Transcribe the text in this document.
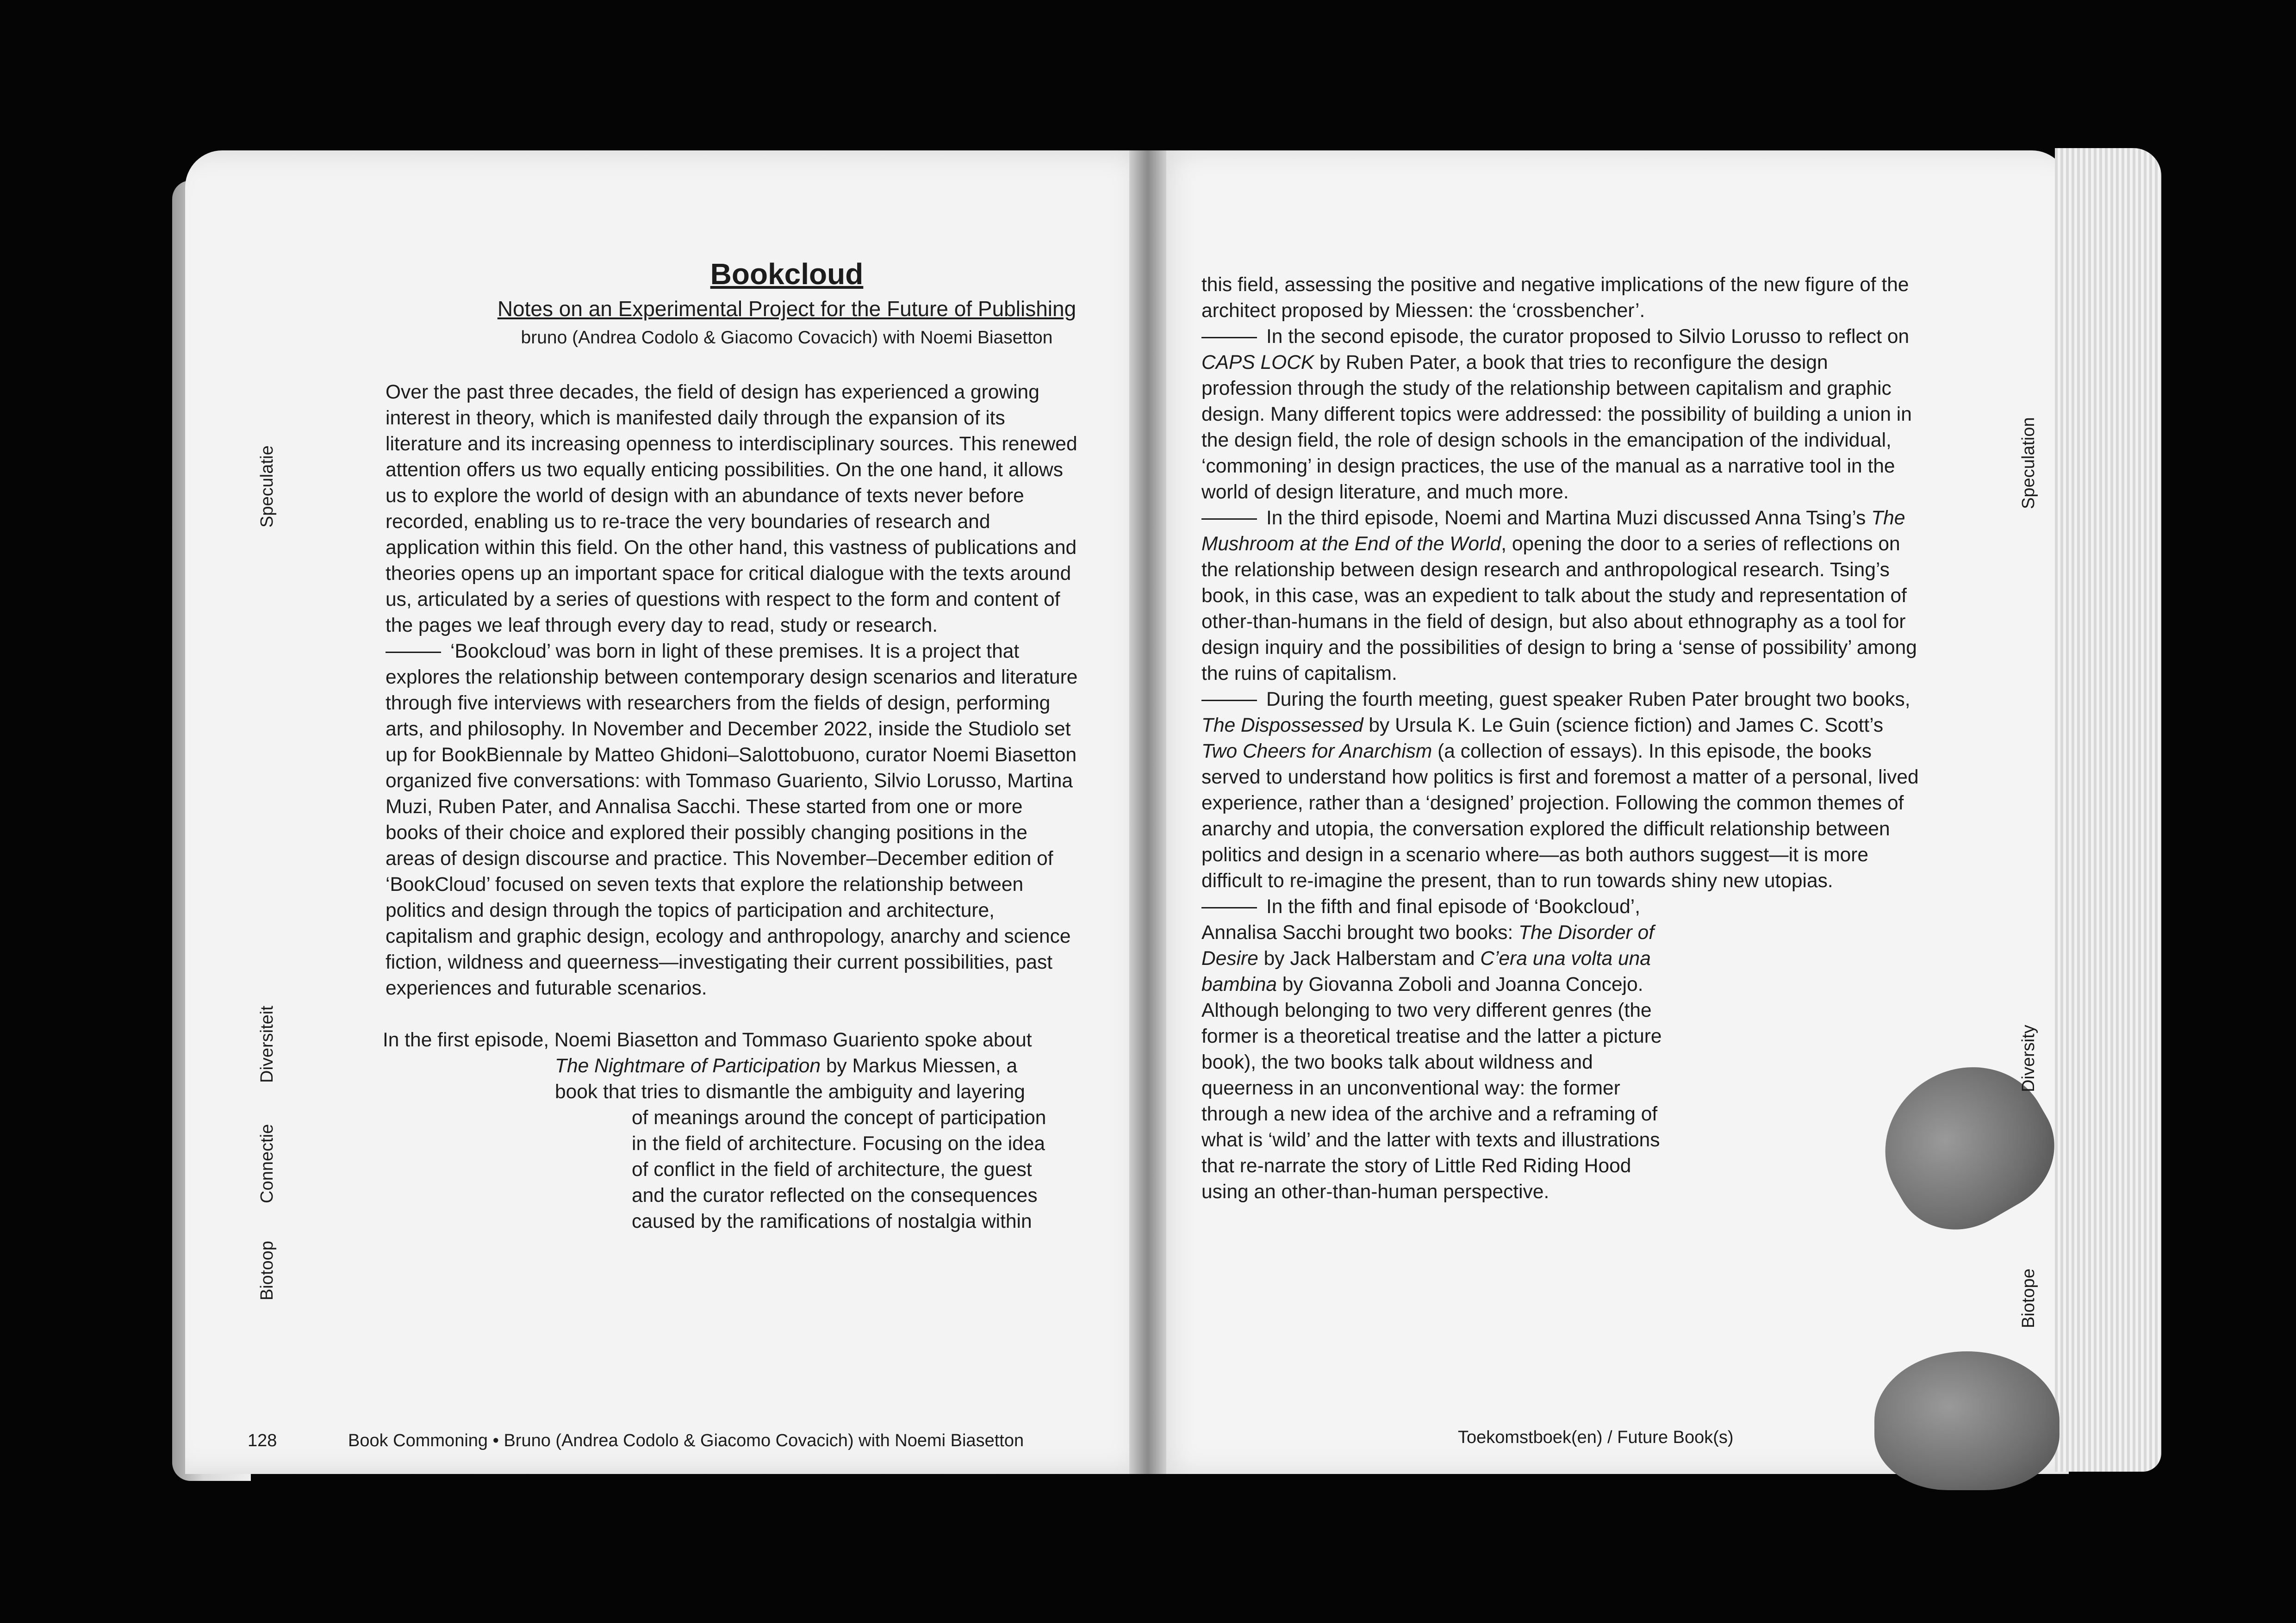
Bookcloud
Notes on an Experimental Project for the Future of Publishing
bruno (Andrea Codolo & Giacomo Covacich) with Noemi Biasetton

Over the past three decades, the field of design has experienced a growing interest in theory, which is manifested daily through the expansion of its literature and its increasing openness to interdisciplinary sources. This renewed attention offers us two equally enticing possibilities. On the one hand, it allows us to explore the world of design with an abundance of texts never before recorded, enabling us to re-trace the very boundaries of research and application within this field. On the other hand, this vastness of publications and theories opens up an important space for critical dialogue with the texts around us, articulated by a series of questions with respect to the form and content of the pages we leaf through every day to read, study or research.

‘Bookcloud’ was born in light of these premises. It is a project that explores the relationship between contemporary design scenarios and literature through five interviews with researchers from the fields of design, performing arts, and philosophy. In November and December 2022, inside the Studiolo set up for BookBiennale by Matteo Ghidoni–Salottobuono, curator Noemi Biasetton organized five conversations: with Tommaso Guariento, Silvio Lorusso, Martina Muzi, Ruben Pater, and Annalisa Sacchi. These started from one or more books of their choice and explored their possibly changing positions in the areas of design discourse and practice. This November–December edition of ‘BookCloud’ focused on seven texts that explore the relationship between politics and design through the topics of participation and architecture, capitalism and graphic design, ecology and anthropology, anarchy and science fiction, wildness and queerness—investigating their current possibilities, past experiences and futurable scenarios.

In the first episode, Noemi Biasetton and Tommaso Guariento spoke about
The Nightmare of Participation by Markus Miessen, a
book that tries to dismantle the ambiguity and layering
of meanings around the concept of participation
in the field of architecture. Focusing on the idea
of conflict in the field of architecture, the guest
and the curator reflected on the consequences
caused by the ramifications of nostalgia within
Speculatie
Diversiteit
Connectie
Biotoop
128	Book Commoning • Bruno (Andrea Codolo & Giacomo Covacich) with Noemi Biasetton

this field, assessing the positive and negative implications of the new figure of the architect proposed by Miessen: the ‘crossbencher’.

In the second episode, the curator proposed to Silvio Lorusso to reflect on CAPS LOCK by Ruben Pater, a book that tries to reconfigure the design profession through the study of the relationship between capitalism and graphic design. Many different topics were addressed: the possibility of building a union in the design field, the role of design schools in the emancipation of the individual, ‘commoning’ in design practices, the use of the manual as a narrative tool in the world of design literature, and much more.

In the third episode, Noemi and Martina Muzi discussed Anna Tsing’s The Mushroom at the End of the World, opening the door to a series of reflections on the relationship between design research and anthropological research. Tsing’s book, in this case, was an expedient to talk about the study and representation of other-than-humans in the field of design, but also about ethnography as a tool for design inquiry and the possibilities of design to bring a ‘sense of possibility’ among the ruins of capitalism.

During the fourth meeting, guest speaker Ruben Pater brought two books, The Dispossessed by Ursula K. Le Guin (science fiction) and James C. Scott’s Two Cheers for Anarchism (a collection of essays). In this episode, the books served to understand how politics is first and foremost a matter of a personal, lived experience, rather than a ‘designed’ projection. Following the common themes of anarchy and utopia, the conversation explored the difficult relationship between politics and design in a scenario where—as both authors suggest—it is more difficult to re-imagine the present, than to run towards shiny new utopias.

In the fifth and final episode of ‘Bookcloud’, Annalisa Sacchi brought two books: The Disorder of Desire by Jack Halberstam and C’era una volta una bambina by Giovanna Zoboli and Joanna Concejo. Although belonging to two very different genres (the former is a theoretical treatise and the latter a picture book), the two books talk about wildness and queerness in an unconventional way: the former through a new idea of the archive and a reframing of what is ‘wild’ and the latter with texts and illustrations that re-narrate the story of Little Red Riding Hood using an other-than-human perspective.

Speculation
Diversity
Biotope
Toekomstboek(en) / Future Book(s)
